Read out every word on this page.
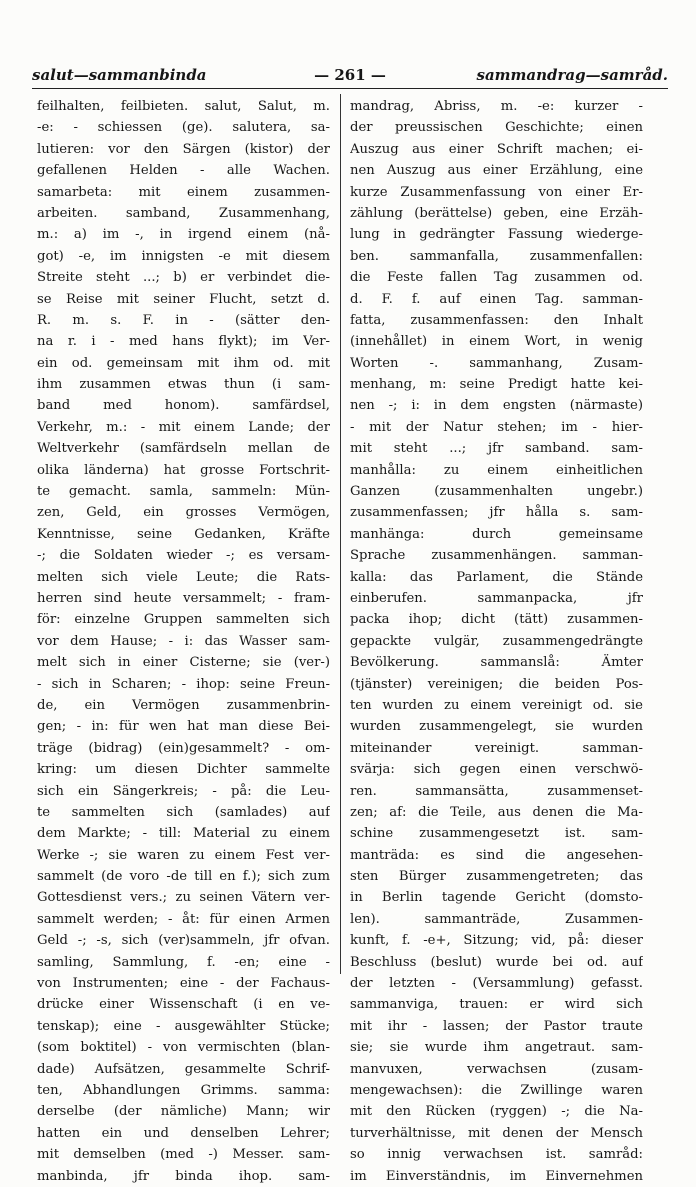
salut—sammanbinda	— 261 —	sammandrag—samråd.
feilhalten, feilbieten. salut, Salut, m.
-e: - schiessen (ge). salutera, sa-
lutieren: vor den Särgen (kistor) der
gefallenen Helden - alle Wachen.
samarbeta: mit einem zusammen-
arbeiten. samband, Zusammenhang,
m.: a) im -, in irgend einem (nå-
got) -e, im innigsten -e mit diesem
Streite steht ...; b) er verbindet die-
se Reise mit seiner Flucht, setzt d.
R. m. s. F. in - (sätter den-
na r. i - med hans flykt); im Ver-
ein od. gemeinsam mit ihm od. mit
ihm zusammen etwas thun (i sam-
band med honom). samfärdsel,
Verkehr, m.: - mit einem Lande; der
Weltverkehr (samfärdseln mellan de
olika länderna) hat grosse Fortschrit-
te gemacht. samla, sammeln: Mün-
zen, Geld, ein grosses Vermögen,
Kenntnisse, seine Gedanken, Kräfte
-; die Soldaten wieder -; es versam-
melten sich viele Leute; die Rats-
herren sind heute versammelt; - fram-
för: einzelne Gruppen sammelten sich
vor dem Hause; - i: das Wasser sam-
melt sich in einer Cisterne; sie (ver-)
- sich in Scharen; - ihop: seine Freun-
de, ein Vermögen zusammenbrin-
gen; - in: für wen hat man diese Bei-
träge (bidrag) (ein)gesammelt? - om-
kring: um diesen Dichter sammelte
sich ein Sängerkreis; - på: die Leu-
te sammelten sich (samlades) auf
dem Markte; - till: Material zu einem
Werke -; sie waren zu einem Fest ver-
sammelt (de voro -de till en f.); sich zum
Gottesdienst vers.; zu seinen Vätern ver-
sammelt werden; - åt: für einen Armen
Geld -; -s, sich (ver)sammeln, jfr ofvan.
samling, Sammlung, f. -en; eine -
von Instrumenten; eine - der Fachaus-
drücke einer Wissenschaft (i en ve-
tenskap); eine - ausgewählter Stücke;
(som boktitel) - von vermischten (blan-
dade) Aufsätzen, gesammelte Schrif-
ten, Abhandlungen Grimms. samma:
derselbe (der nämliche) Mann; wir
hatten ein und denselben Lehrer;
mit demselben (med -) Messer. sam-
manbinda, jfr binda ihop. sam-
mandrag, Abriss, m. -e: kurzer -
der preussischen Geschichte; einen
Auszug aus einer Schrift machen; ei-
nen Auszug aus einer Erzählung, eine
kurze Zusammenfassung von einer Er-
zählung (berättelse) geben, eine Erzäh-
lung in gedrängter Fassung wiederge-
ben. sammanfalla, zusammenfallen:
die Feste fallen Tag zusammen od.
d. F. f. auf einen Tag. samman-
fatta, zusammenfassen: den Inhalt
(innehållet) in einem Wort, in wenig
Worten -. sammanhang, Zusam-
menhang, m: seine Predigt hatte kei-
nen -; i: in dem engsten (närmaste)
- mit der Natur stehen; im - hier-
mit steht ...; jfr samband. sam-
manhålla: zu einem einheitlichen
Ganzen (zusammenhalten ungebr.)
zusammenfassen; jfr hålla s. sam-
manhänga: durch gemeinsame
Sprache zusammenhängen. samman-
kalla: das Parlament, die Stände
einberufen. sammanpacka, jfr
packa ihop; dicht (tätt) zusammen-
gepackte vulgär, zusammengedrängte
Bevölkerung. sammanslå: Ämter
(tjänster) vereinigen; die beiden Pos-
ten wurden zu einem vereinigt od. sie
wurden zusammengelegt, sie wurden
miteinander vereinigt. samman-
svärja: sich gegen einen verschwö-
ren. sammansätta, zusammenset-
zen; af: die Teile, aus denen die Ma-
schine zusammengesetzt ist. sam-
manträda: es sind die angesehen-
sten Bürger zusammengetreten; das
in Berlin tagende Gericht (domsto-
len). sammanträde, Zusammen-
kunft, f. -e+, Sitzung; vid, på: dieser
Beschluss (beslut) wurde bei od. auf
der letzten - (Versammlung) gefasst.
sammanviga, trauen: er wird sich
mit ihr - lassen; der Pastor traute
sie; sie wurde ihm angetraut. sam-
manvuxen, verwachsen (zusam-
mengewachsen): die Zwillinge waren
mit den Rücken (ryggen) -; die Na-
turverhältnisse, mit denen der Mensch
so innig verwachsen ist. samråd:
im Einverständnis, im Einvernehmen
